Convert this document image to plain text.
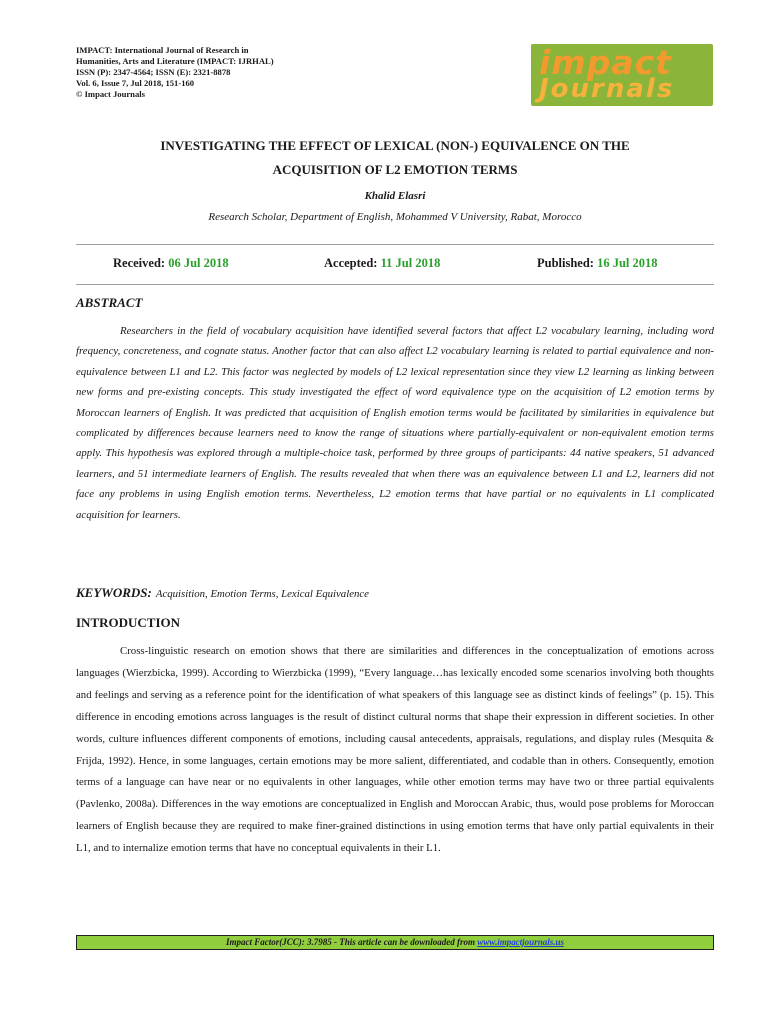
IMPACT: International Journal of Research in
Humanities, Arts and Literature (IMPACT: IJRHAL)
ISSN (P): 2347-4564; ISSN (E): 2321-8878
Vol. 6, Issue 7, Jul 2018, 151-160
© Impact Journals
impact
Journals
INVESTIGATING THE EFFECT OF LEXICAL (NON-) EQUIVALENCE ON THE
ACQUISITION OF L2 EMOTION TERMS
Khalid Elasri
Research Scholar, Department of English, Mohammed V University, Rabat, Morocco
Received: 06 Jul 2018	Accepted: 11 Jul 2018	Published: 16 Jul 2018
ABSTRACT
Researchers in the field of vocabulary acquisition have identified several factors that affect L2 vocabulary learning, including word frequency, concreteness, and cognate status. Another factor that can also affect L2 vocabulary learning is related to partial equivalence and non-equivalence between L1 and L2. This factor was neglected by models of L2 lexical representation since they view L2 learning as linking between new forms and pre-existing concepts. This study investigated the effect of word equivalence type on the acquisition of L2 emotion terms by Moroccan learners of English. It was predicted that acquisition of English emotion terms would be facilitated by similarities in equivalence but complicated by differences because learners need to know the range of situations where partially-equivalent or non-equivalent emotion terms apply. This hypothesis was explored through a multiple-choice task, performed by three groups of participants: 44 native speakers, 51 advanced learners, and 51 intermediate learners of English. The results revealed that when there was an equivalence between L1 and L2, learners did not face any problems in using English emotion terms. Nevertheless, L2 emotion terms that have partial or no equivalents in L1 complicated acquisition for learners.
KEYWORDS: Acquisition, Emotion Terms, Lexical Equivalence
INTRODUCTION
Cross-linguistic research on emotion shows that there are similarities and differences in the conceptualization of emotions across languages (Wierzbicka, 1999). According to Wierzbicka (1999), “Every language…has lexically encoded some scenarios involving both thoughts and feelings and serving as a reference point for the identification of what speakers of this language see as distinct kinds of feelings” (p. 15). This difference in encoding emotions across languages is the result of distinct cultural norms that shape their expression in different societies. In other words, culture influences different components of emotions, including causal antecedents, appraisals, regulations, and display rules (Mesquita & Frijda, 1992). Hence, in some languages, certain emotions may be more salient, differentiated, and codable than in others. Consequently, emotion terms of a language can have near or no equivalents in other languages, while other emotion terms may have two or three partial equivalents (Pavlenko, 2008a). Differences in the way emotions are conceptualized in English and Moroccan Arabic, thus, would pose problems for Moroccan learners of English because they are required to make finer-grained distinctions in using emotion terms that have only partial equivalents in their L1, and to internalize emotion terms that have no conceptual equivalents in their L1.
Impact Factor(JCC): 3.7985 - This article can be downloaded from www.impactjournals.us
